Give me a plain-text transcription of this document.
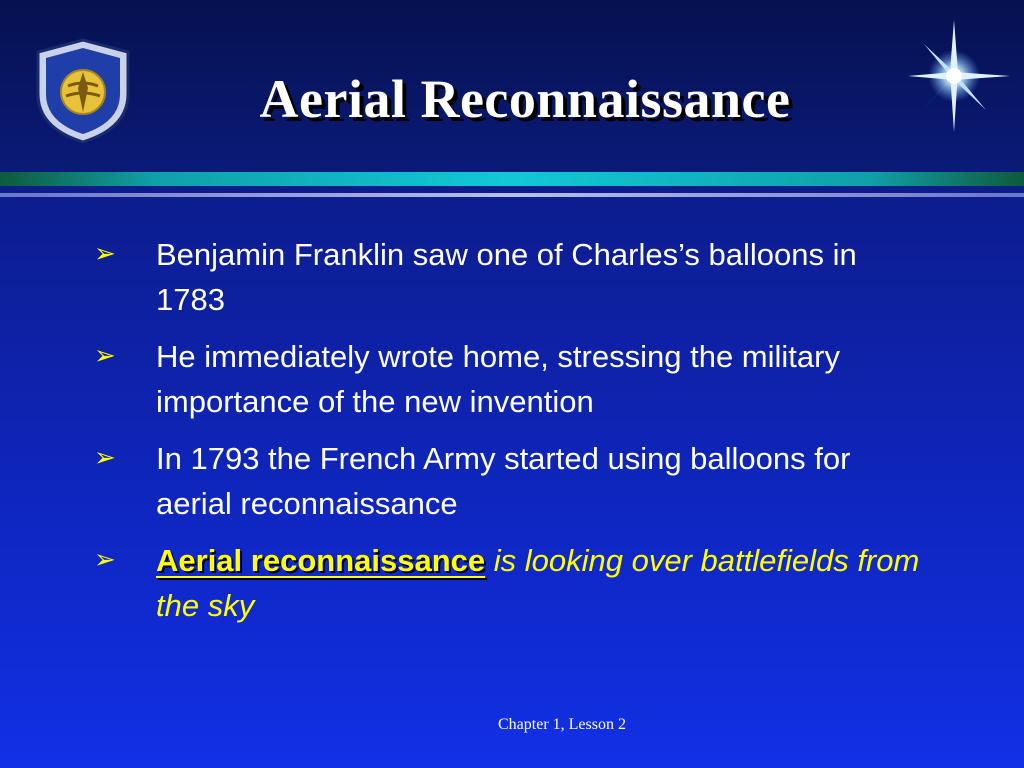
Aerial Reconnaissance
➢ Benjamin Franklin saw one of Charles’s balloons in 1783
➢ He immediately wrote home, stressing the military importance of the new invention
➢ In 1793 the French Army started using balloons for aerial reconnaissance
➢ Aerial reconnaissance is looking over battlefields from the sky
Chapter 1, Lesson 2
